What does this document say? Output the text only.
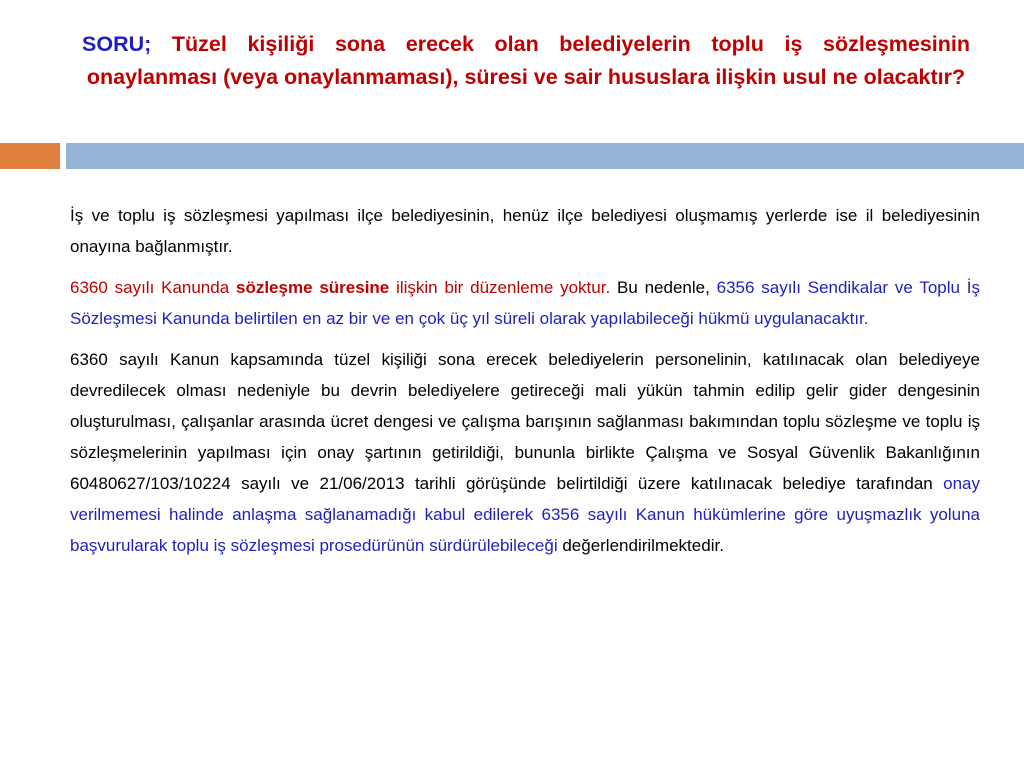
SORU; Tüzel kişiliği sona erecek olan belediyelerin toplu iş sözleşmesinin onaylanması (veya onaylanmaması), süresi ve sair hususlara ilişkin usul ne olacaktır?

İş ve toplu iş sözleşmesi yapılması ilçe belediyesinin, henüz ilçe belediyesi oluşmamış yerlerde ise il belediyesinin onayına bağlanmıştır.

6360 sayılı Kanunda sözleşme süresine ilişkin bir düzenleme yoktur. Bu nedenle, 6356 sayılı Sendikalar ve Toplu İş Sözleşmesi Kanunda belirtilen en az bir ve en çok üç yıl süreli olarak yapılabileceği hükmü uygulanacaktır.

6360 sayılı Kanun kapsamında tüzel kişiliği sona erecek belediyelerin personelinin, katılınacak olan belediyeye devredilecek olması nedeniyle bu devrin belediyelere getireceği mali yükün tahmin edilip gelir gider dengesinin oluşturulması, çalışanlar arasında ücret dengesi ve çalışma barışının sağlanması bakımından toplu sözleşme ve toplu iş sözleşmelerinin yapılması için onay şartının getirildiği, bununla birlikte Çalışma ve Sosyal Güvenlik Bakanlığının 60480627/103/10224 sayılı ve 21/06/2013 tarihli görüşünde belirtildiği üzere katılınacak belediye tarafından onay verilmemesi halinde anlaşma sağlanamadığı kabul edilerek 6356 sayılı Kanun hükümlerine göre uyuşmazlık yoluna başvurularak toplu iş sözleşmesi prosedürünün sürdürülebileceği değerlendirilmektedir.
